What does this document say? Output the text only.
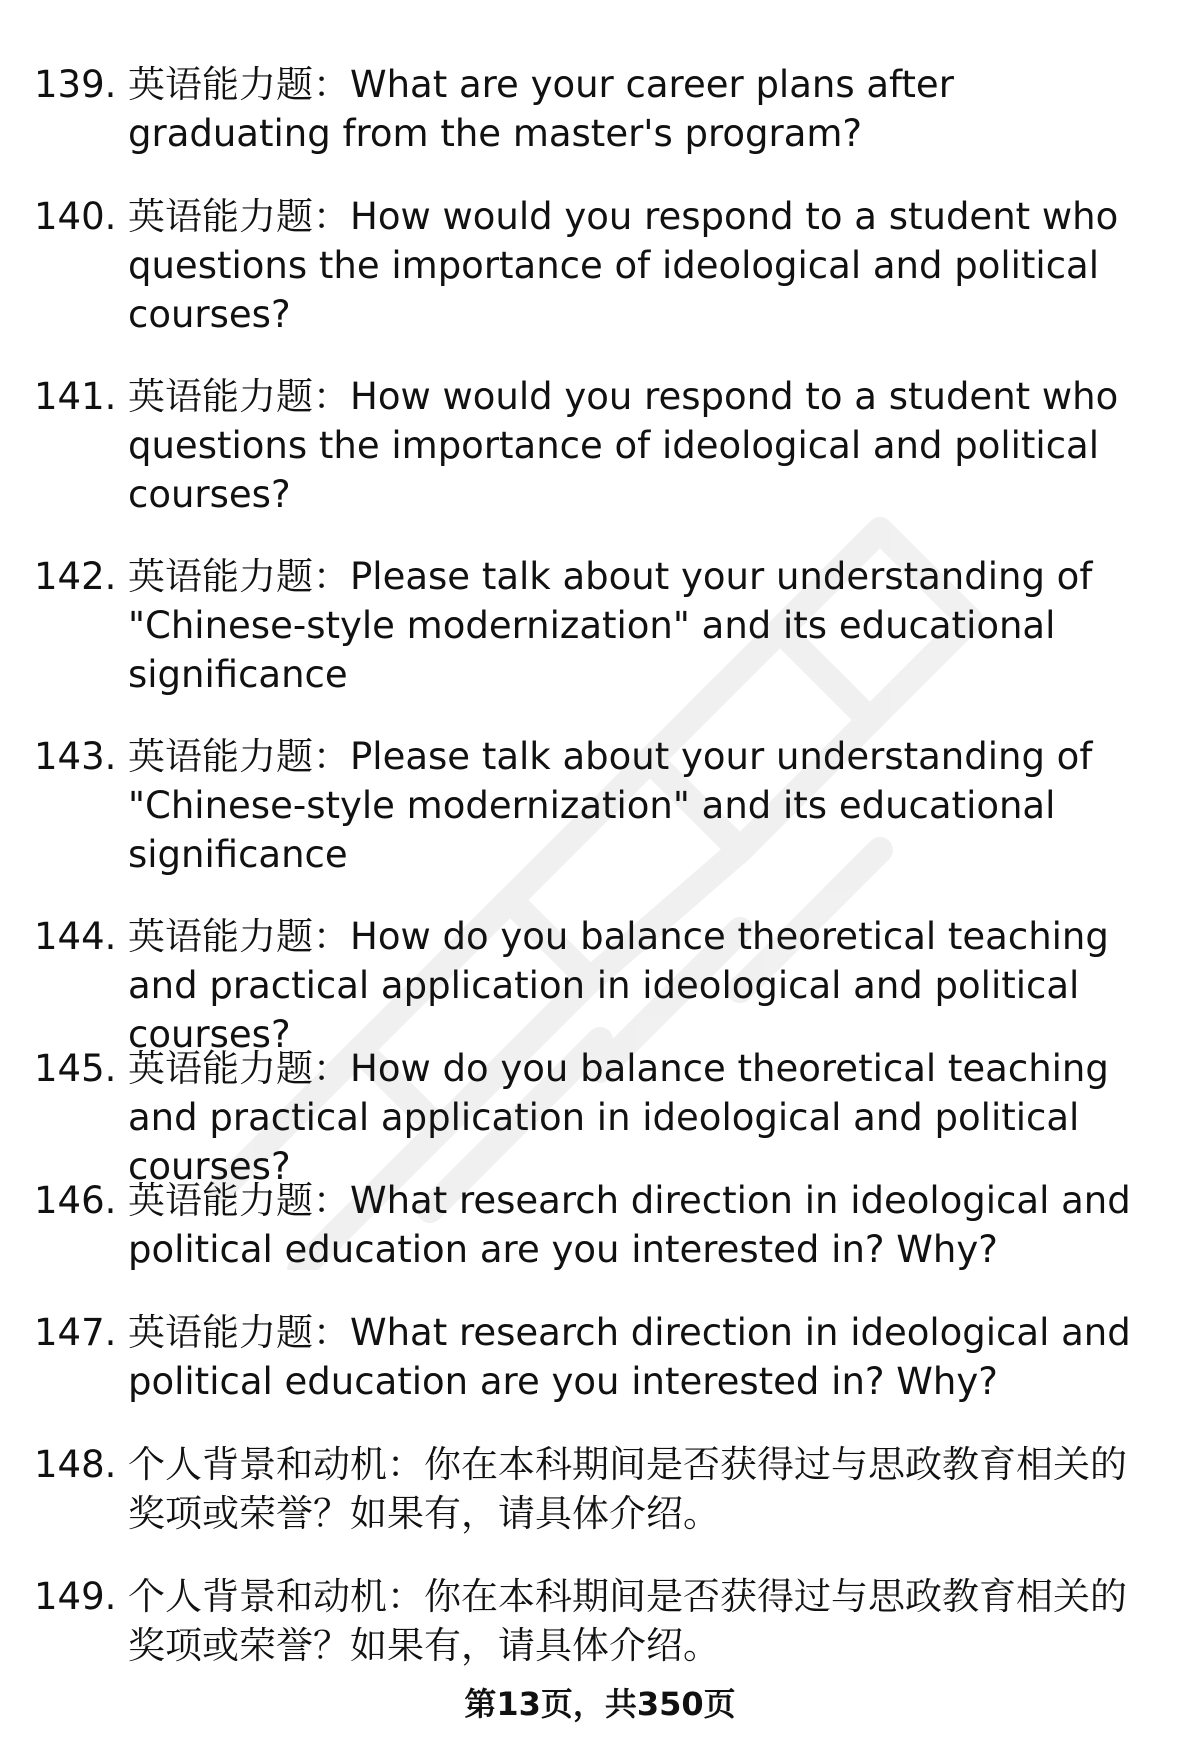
139. 英语能力题：What are your career plans after graduating from the master's program?
140. 英语能力题：How would you respond to a student who questions the importance of ideological and political courses?
141. 英语能力题：How would you respond to a student who questions the importance of ideological and political courses?
142. 英语能力题：Please talk about your understanding of "Chinese-style modernization" and its educational significance
143. 英语能力题：Please talk about your understanding of "Chinese-style modernization" and its educational significance
144. 英语能力题：How do you balance theoretical teaching and practical application in ideological and political courses?
145. 英语能力题：How do you balance theoretical teaching and practical application in ideological and political courses?
146. 英语能力题：What research direction in ideological and political education are you interested in? Why?
147. 英语能力题：What research direction in ideological and political education are you interested in? Why?
148. 个人背景和动机：你在本科期间是否获得过与思政教育相关的奖项或荣誉？如果有，请具体介绍。
149. 个人背景和动机：你在本科期间是否获得过与思政教育相关的奖项或荣誉？如果有，请具体介绍。
第13页，共350页
